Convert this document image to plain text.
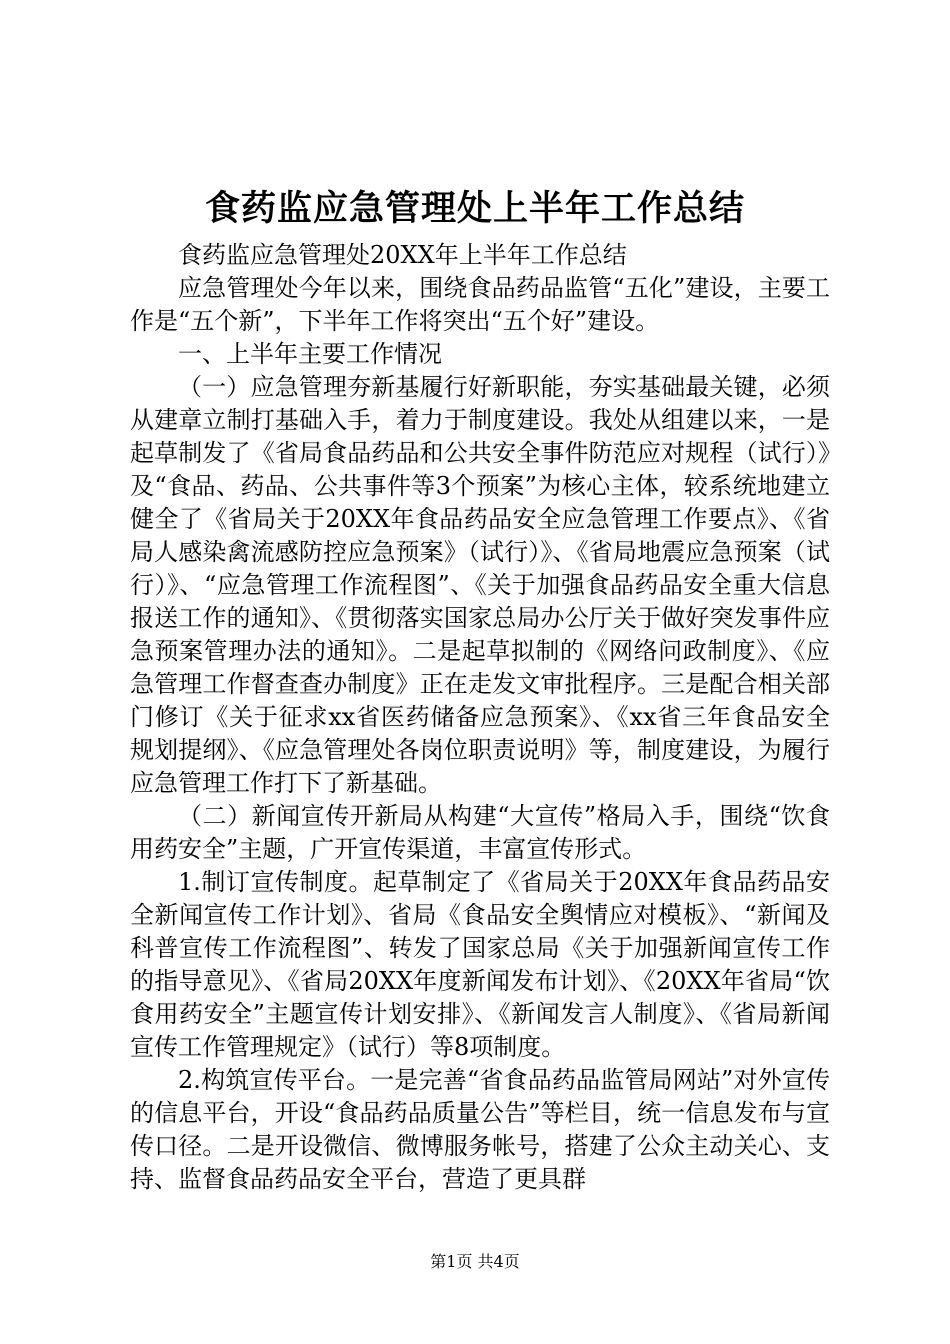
食药监应急管理处上半年工作总结

食药监应急管理处20XX年上半年工作总结

应急管理处今年以来，围绕食品药品监管“五化”建设，主要工作是“五个新”，下半年工作将突出“五个好”建设。

一、上半年主要工作情况

（一）应急管理夯新基履行好新职能，夯实基础最关键，必须从建章立制打基础入手，着力于制度建设。我处从组建以来，一是起草制发了《省局食品药品和公共安全事件防范应对规程（试行）》及“食品、药品、公共事件等3个预案”为核心主体，较系统地建立健全了《省局关于20XX年食品药品安全应急管理工作要点》、《省局人感染禽流感防控应急预案》（试行）》、《省局地震应急预案（试行）》、“应急管理工作流程图”、《关于加强食品药品安全重大信息报送工作的通知》、《贯彻落实国家总局办公厅关于做好突发事件应急预案管理办法的通知》。二是起草拟制的《网络问政制度》、《应急管理工作督查查办制度》正在走发文审批程序。三是配合相关部门修订《关于征求xx省医药储备应急预案》、《xx省三年食品安全规划提纲》、《应急管理处各岗位职责说明》等，制度建设，为履行应急管理工作打下了新基础。

（二）新闻宣传开新局从构建“大宣传”格局入手，围绕“饮食用药安全”主题，广开宣传渠道，丰富宣传形式。

1.制订宣传制度。起草制定了《省局关于20XX年食品药品安全新闻宣传工作计划》、省局《食品安全舆情应对模板》、“新闻及科普宣传工作流程图”、转发了国家总局《关于加强新闻宣传工作的指导意见》、《省局20XX年度新闻发布计划》、《20XX年省局“饮食用药安全”主题宣传计划安排》、《新闻发言人制度》、《省局新闻宣传工作管理规定》（试行）等8项制度。

2.构筑宣传平台。一是完善“省食品药品监管局网站”对外宣传的信息平台，开设“食品药品质量公告”等栏目，统一信息发布与宣传口径。二是开设微信、微博服务帐号，搭建了公众主动关心、支持、监督食品药品安全平台，营造了更具群

第1页 共4页
